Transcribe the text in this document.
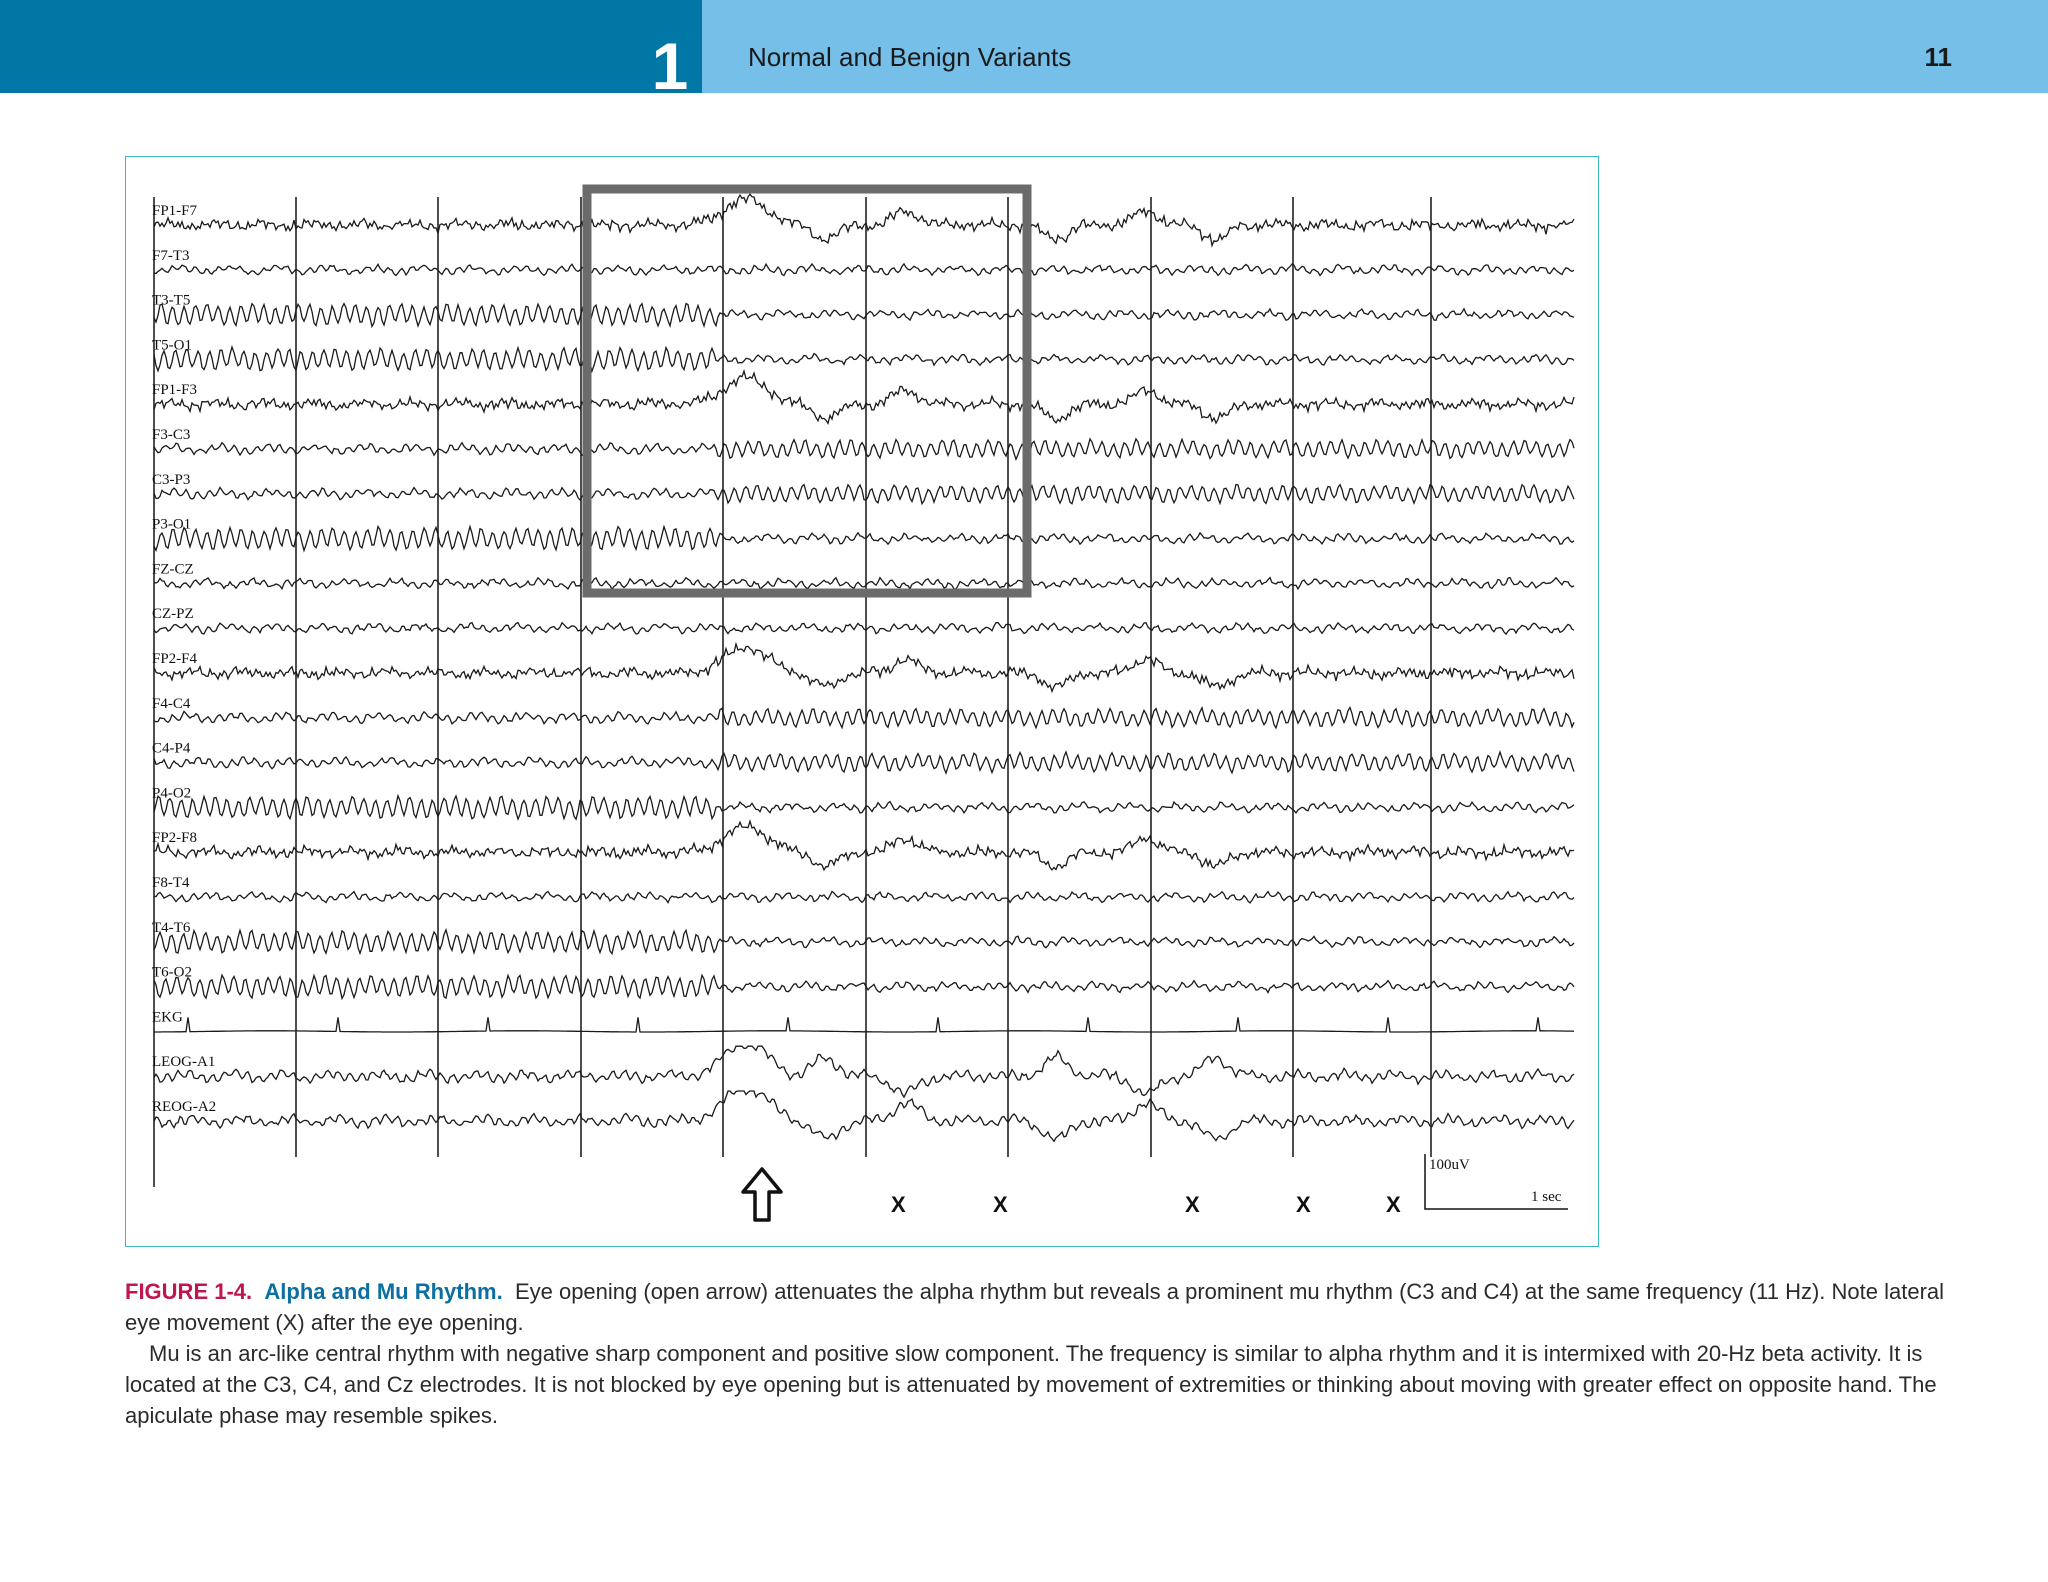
1	Normal and Benign Variants	11
FP1-F7
F7-T3
T3-T5
T5-O1
FP1-F3
F3-C3
C3-P3
P3-O1
FZ-CZ
CZ-PZ
FP2-F4
F4-C4
C4-P4
P4-O2
FP2-F8
F8-T4
T4-T6
T6-O2
EKG
LEOG-A1
REOG-A2
X	X	X	X	X
100uV
1 sec

FIGURE 1-4. Alpha and Mu Rhythm. Eye opening (open arrow) attenuates the alpha rhythm but reveals a prominent mu rhythm (C3 and C4) at the same frequency (11 Hz). Note lateral eye movement (X) after the eye opening.

Mu is an arc-like central rhythm with negative sharp component and positive slow component. The frequency is similar to alpha rhythm and it is intermixed with 20-Hz beta activity. It is located at the C3, C4, and Cz electrodes. It is not blocked by eye opening but is attenuated by movement of extremities or thinking about moving with greater effect on opposite hand. The apiculate phase may resemble spikes.
